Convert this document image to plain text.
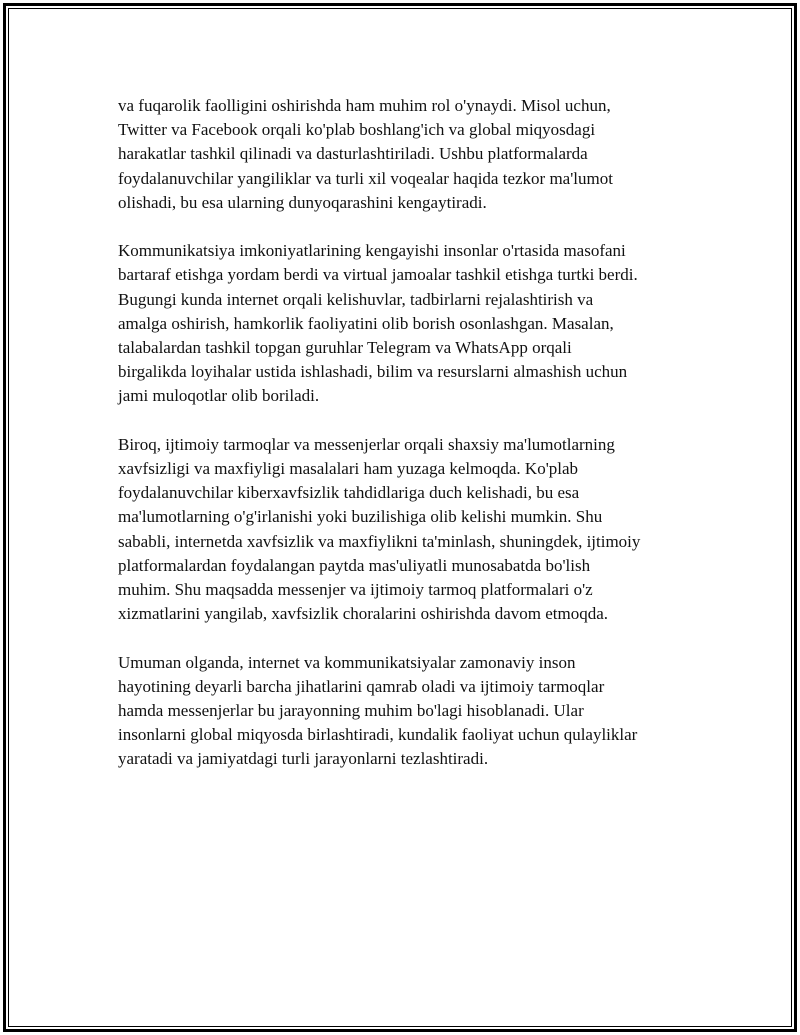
va fuqarolik faolligini oshirishda ham muhim rol o'ynaydi. Misol uchun,
Twitter va Facebook orqali ko'plab boshlang'ich va global miqyosdagi
harakatlar tashkil qilinadi va dasturlashtiriladi. Ushbu platformalarda
foydalanuvchilar yangiliklar va turli xil voqealar haqida tezkor ma'lumot
olishadi, bu esa ularning dunyoqarashini kengaytiradi.

Kommunikatsiya imkoniyatlarining kengayishi insonlar o'rtasida masofani
bartaraf etishga yordam berdi va virtual jamoalar tashkil etishga turtki berdi.
Bugungi kunda internet orqali kelishuvlar, tadbirlarni rejalashtirish va
amalga oshirish, hamkorlik faoliyatini olib borish osonlashgan. Masalan,
talabalardan tashkil topgan guruhlar Telegram va WhatsApp orqali
birgalikda loyihalar ustida ishlashadi, bilim va resurslarni almashish uchun
jami muloqotlar olib boriladi.

Biroq, ijtimoiy tarmoqlar va messenjerlar orqali shaxsiy ma'lumotlarning
xavfsizligi va maxfiyligi masalalari ham yuzaga kelmoqda. Ko'plab
foydalanuvchilar kiberxavfsizlik tahdidlariga duch kelishadi, bu esa
ma'lumotlarning o'g'irlanishi yoki buzilishiga olib kelishi mumkin. Shu
sababli, internetda xavfsizlik va maxfiylikni ta'minlash, shuningdek, ijtimoiy
platformalardan foydalangan paytda mas'uliyatli munosabatda bo'lish
muhim. Shu maqsadda messenjer va ijtimoiy tarmoq platformalari o'z
xizmatlarini yangilab, xavfsizlik choralarini oshirishda davom etmoqda.

Umuman olganda, internet va kommunikatsiyalar zamonaviy inson
hayotining deyarli barcha jihatlarini qamrab oladi va ijtimoiy tarmoqlar
hamda messenjerlar bu jarayonning muhim bo'lagi hisoblanadi. Ular
insonlarni global miqyosda birlashtiradi, kundalik faoliyat uchun qulayliklar
yaratadi va jamiyatdagi turli jarayonlarni tezlashtiradi.
